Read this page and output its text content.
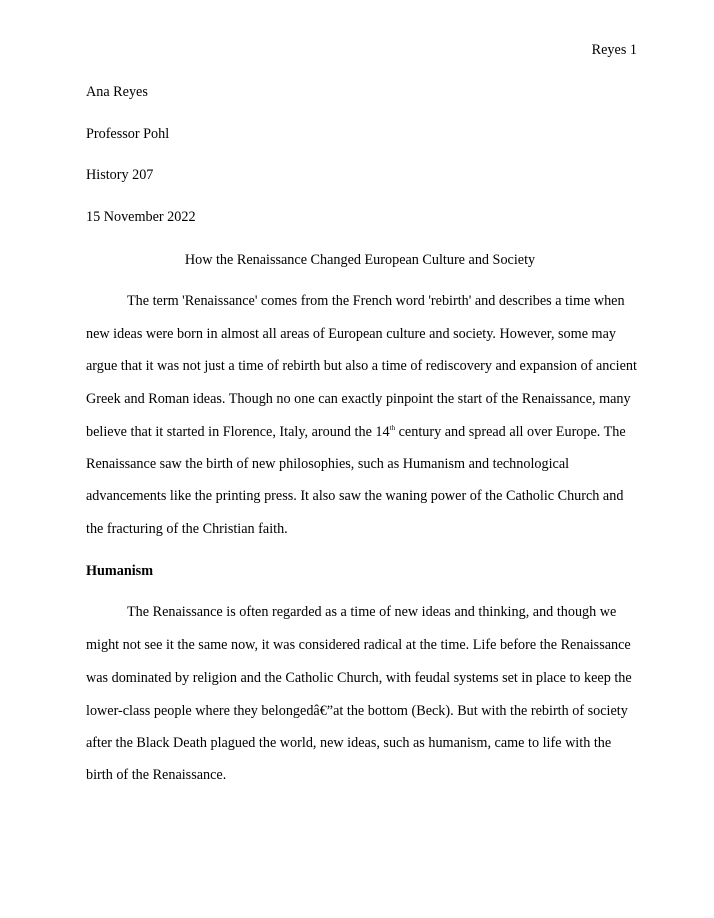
Reyes 1
Ana Reyes
Professor Pohl
History 207
15 November 2022
How the Renaissance Changed European Culture and Society
The term 'Renaissance' comes from the French word 'rebirth' and describes a time when
new ideas were born in almost all areas of European culture and society. However, some may
argue that it was not just a time of rebirth but also a time of rediscovery and expansion of ancient
Greek and Roman ideas. Though no one can exactly pinpoint the start of the Renaissance, many
believe that it started in Florence, Italy, around the 14th century and spread all over Europe. The
Renaissance saw the birth of new philosophies, such as Humanism and technological
advancements like the printing press. It also saw the waning power of the Catholic Church and
the fracturing of the Christian faith.
Humanism
The Renaissance is often regarded as a time of new ideas and thinking, and though we
might not see it the same now, it was considered radical at the time. Life before the Renaissance
was dominated by religion and the Catholic Church, with feudal systems set in place to keep the
lower-class people where they belongedâ€”at the bottom (Beck). But with the rebirth of society
after the Black Death plagued the world, new ideas, such as humanism, came to life with the
birth of the Renaissance.
